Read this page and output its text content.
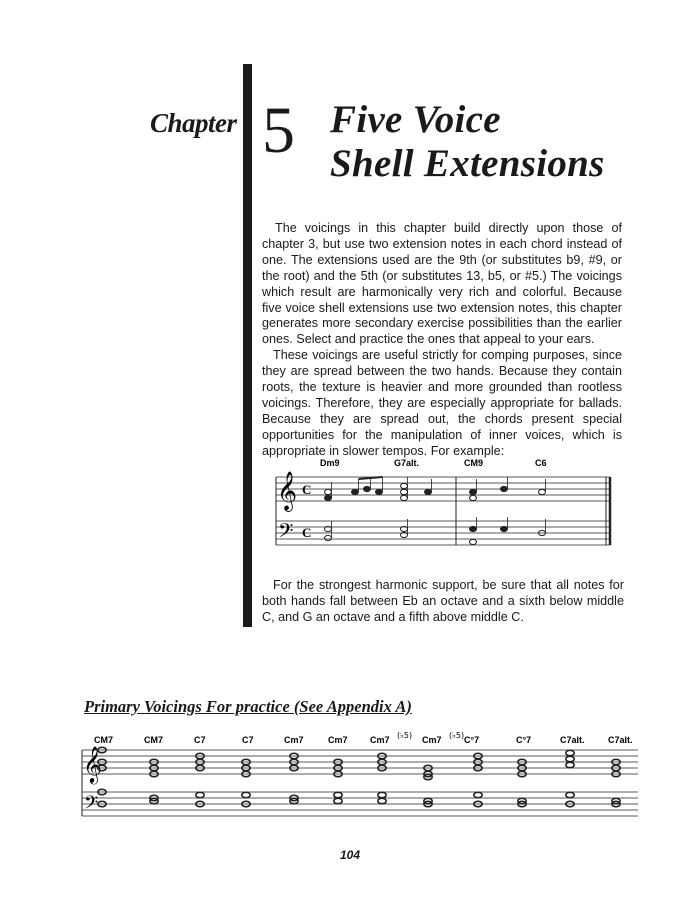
Chapter 5 Five Voice
Shell Extensions

The voicings in this chapter build directly upon those of chapter 3, but use two extension notes in each chord instead of one. The extensions used are the 9th (or substitutes b9, #9, or the root) and the 5th (or substitutes 13, b5, or #5.) The voicings which result are harmonically very rich and colorful. Because five voice shell extensions use two extension notes, this chapter generates more secondary exercise possibilities than the earlier ones. Select and practice the ones that appeal to your ears.

These voicings are useful strictly for comping purposes, since they are spread between the two hands. Because they contain roots, the texture is heavier and more grounded than rootless voicings. Therefore, they are especially appropriate for ballads. Because they are spread out, the chords present special opportunities for the manipulation of inner voices, which is appropriate in slower tempos. For example:

Dm9	G7alt.	CM9	C6
𝄞
𝄢
C
C

For the strongest harmonic support, be sure that all notes for both hands fall between Eb an octave and a sixth below middle C, and G an octave and a fifth above middle C.

Primary Voicings For practice (See Appendix A)
CM7	CM7	C7	C7	Cm7	Cm7 Cm7 (♭5) Cm7 (♭5) C°7	C°7	C7alt.	C7alt.
𝄞
𝄢
104
